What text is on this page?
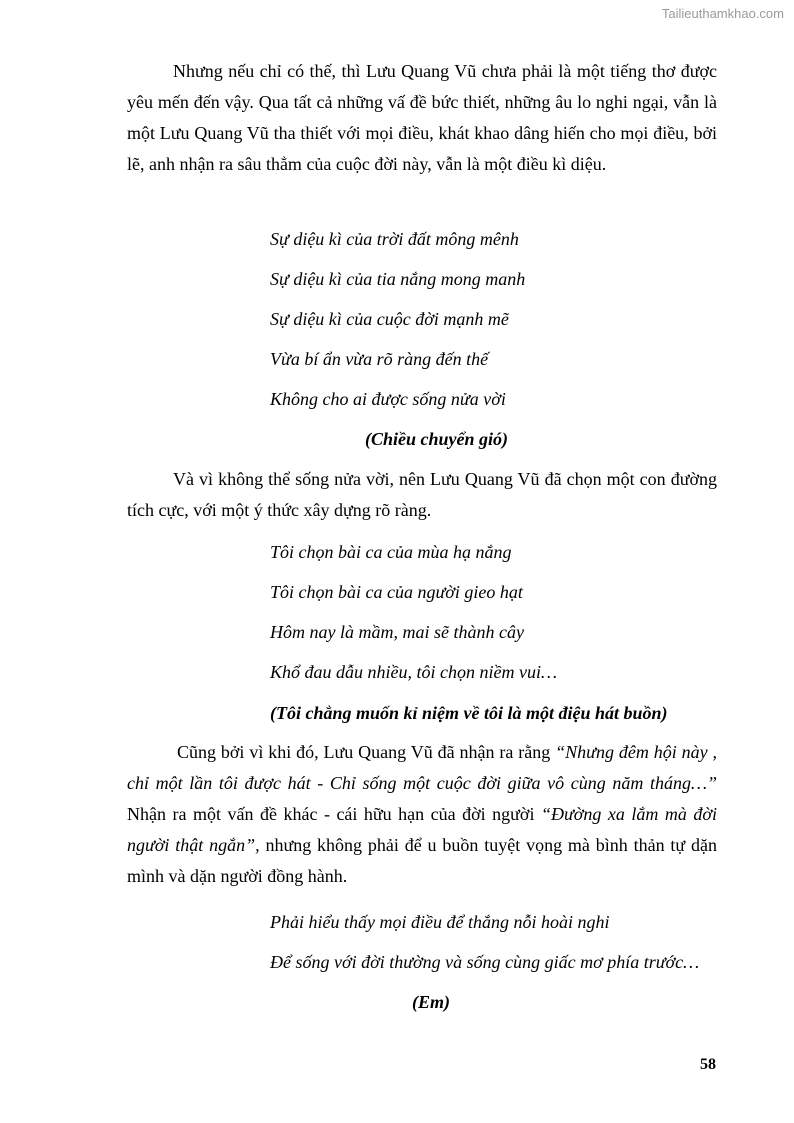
Tailieuthamkhao.com
Nhưng nếu chỉ có thế, thì Lưu Quang Vũ chưa phải là một tiếng thơ được yêu mến đến vậy. Qua tất cả những vấ đề bức thiết, những âu lo nghi ngại, vẫn là một Lưu Quang Vũ tha thiết với mọi điều, khát khao dâng hiến cho mọi điều, bởi lẽ, anh nhận ra sâu thẳm của cuộc đời này, vẫn là một điều kì diệu.
Sự diệu kì của trời đất mông mênh
Sự diệu kì của tia nắng mong manh
Sự diệu kì của cuộc đời mạnh mẽ
Vừa bí ẩn vừa rõ ràng đến thế
Không cho ai được sống nửa vời
(Chiều chuyển gió)
Và vì không thể sống nửa vời, nên Lưu Quang Vũ đã chọn một con đường tích cực, với một ý thức xây dựng rõ ràng.
Tôi chọn bài ca của mùa hạ nắng
Tôi chọn bài ca của người gieo hạt
Hôm nay là mầm, mai sẽ thành cây
Khổ đau dẫu nhiều, tôi chọn niềm vui…
(Tôi chẳng muốn kỉ niệm về tôi là một điệu hát buồn)
Cũng bởi vì khi đó, Lưu Quang Vũ đã nhận ra rằng “Nhưng đêm hội này , chỉ một lần tôi được hát - Chỉ sống một cuộc đời giữa vô cùng năm tháng…” Nhận ra một vấn đề khác - cái hữu hạn của đời người “Đường xa lắm mà đời người thật ngắn”, nhưng không phải để u buồn tuyệt vọng mà bình thản tự dặn mình và dặn người đồng hành.
Phải hiểu thấy mọi điều để thắng nỗi hoài nghi
Để sống với đời thường và sống cùng giấc mơ phía trước…
(Em)
58
